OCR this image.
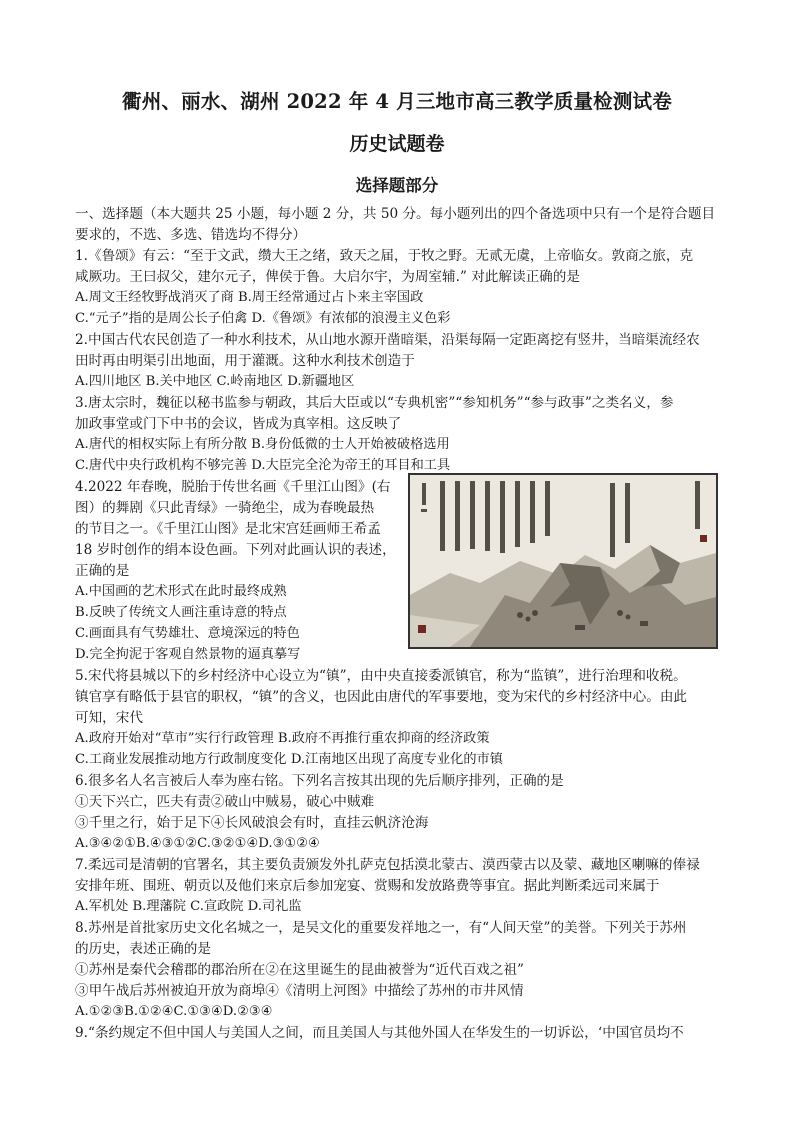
衢州、丽水、湖州 2022 年 4 月三地市高三教学质量检测试卷
历史试题卷
选择题部分
一、选择题（本大题共 25 小题，每小题 2 分，共 50 分。每小题列出的四个备选项中只有一个是符合题目
要求的，不选、多选、错选均不得分）
1.《鲁颂》有云：“至于文武，缵大王之绪，致天之届，于牧之野。无贰无虞，上帝临女。敦商之旅，克
咸厥功。王曰叔父，建尔元子，俾侯于鲁。大启尔宇，为周室辅.” 对此解读正确的是
A.周文王经牧野战消灭了商 B.周王经常通过占卜来主宰国政
C.“元子”指的是周公长子伯禽 D.《鲁颂》有浓郁的浪漫主义色彩
2.中国古代农民创造了一种水利技术，从山地水源开凿暗渠，沿渠每隔一定距离挖有竖井，当暗渠流经农
田时再由明渠引出地面，用于灌溉。这种水利技术创造于
A.四川地区 B.关中地区 C.岭南地区 D.新疆地区
3.唐太宗时，魏征以秘书监参与朝政，其后大臣或以“专典机密”“参知机务”“参与政事”之类名义，参
加政事堂或门下中书的会议，皆成为真宰相。这反映了
A.唐代的相权实际上有所分散 B.身份低微的士人开始被破格选用
C.唐代中央行政机构不够完善 D.大臣完全沦为帝王的耳目和工具
4.2022 年春晚，脱胎于传世名画《千里江山图》(右
图）的舞剧《只此青绿》一骑绝尘，成为春晚最热
的节目之一。《千里江山图》是北宋宫廷画师王希孟
18 岁时创作的绢本设色画。下列对此画认识的表述，
正确的是
A.中国画的艺术形式在此时最终成熟
B.反映了传统文人画注重诗意的特点
C.画面具有气势雄壮、意境深远的特色
D.完全拘泥于客观自然景物的逼真摹写
5.宋代将县城以下的乡村经济中心设立为“镇”，由中央直接委派镇官，称为“监镇”，进行治理和收税。
镇官享有略低于县官的职权，“镇”的含义，也因此由唐代的军事要地，变为宋代的乡村经济中心。由此
可知，宋代
A.政府开始对“草市”实行行政管理 B.政府不再推行重农抑商的经济政策
C.工商业发展推动地方行政制度变化 D.江南地区出现了高度专业化的市镇
6.很多名人名言被后人奉为座右铭。下列名言按其出现的先后顺序排列，正确的是
①天下兴亡，匹夫有责②破山中贼易，破心中贼难
③千里之行，始于足下④长风破浪会有时，直挂云帆济沧海
A.③④②①B.④③①②C.③②①④D.③①②④
7.柔远司是清朝的官署名，其主要负责颁发外扎萨克包括漠北蒙古、漠西蒙古以及蒙、藏地区喇嘛的俸禄
安排年班、围班、朝贡以及他们来京后参加宠宴、赏赐和发放路费等事宜。据此判断柔远司来属于
A.军机处 B.理藩院 C.宣政院 D.司礼监
8.苏州是首批家历史文化名城之一，是吴文化的重要发祥地之一，有“人间天堂”的美誉。下列关于苏州
的历史，表述正确的是
①苏州是秦代会稽郡的郡治所在②在这里诞生的昆曲被誉为“近代百戏之祖”
③甲午战后苏州被迫开放为商埠④《清明上河图》中描绘了苏州的市井风情
A.①②③B.①②④C.①③④D.②③④
9.“条约规定不但中国人与美国人之间，而且美国人与其他外国人在华发生的一切诉讼，‘中国官员均不
